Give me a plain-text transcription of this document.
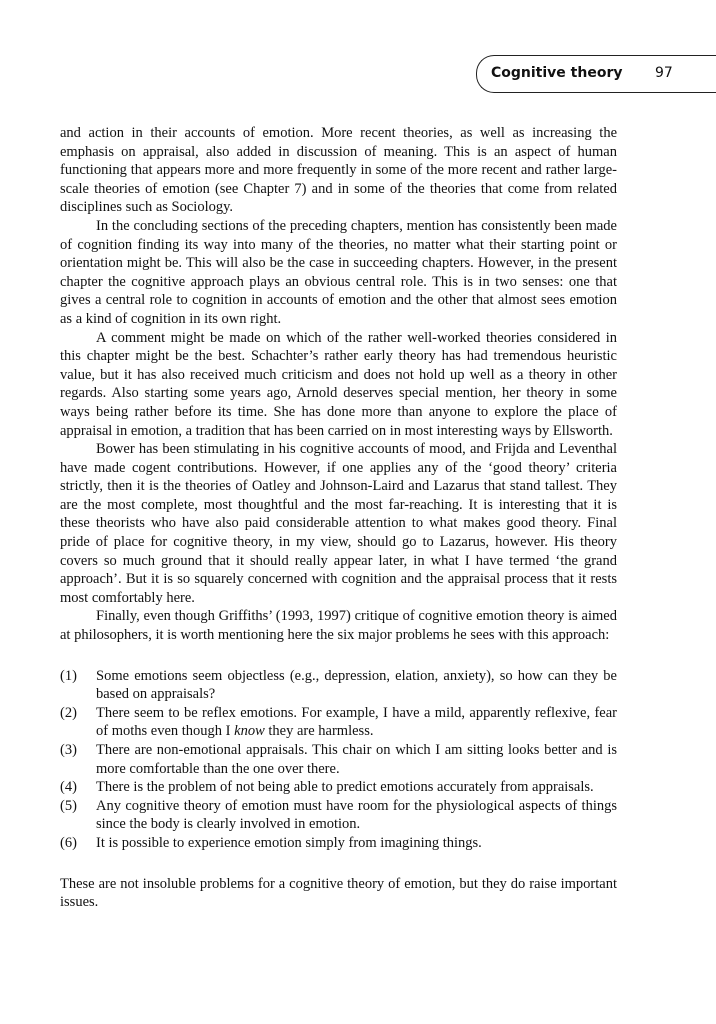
Cognitive theory 97

and action in their accounts of emotion. More recent theories, as well as increasing the emphasis on appraisal, also added in discussion of meaning. This is an aspect of human functioning that appears more and more frequently in some of the more recent and rather large-scale theories of emotion (see Chapter 7) and in some of the theories that come from related disciplines such as Sociology.

In the concluding sections of the preceding chapters, mention has consistently been made of cognition finding its way into many of the theories, no matter what their starting point or orientation might be. This will also be the case in succeeding chapters. However, in the present chapter the cognitive approach plays an obvious central role. This is in two senses: one that gives a central role to cognition in accounts of emotion and the other that almost sees emotion as a kind of cognition in its own right.

A comment might be made on which of the rather well-worked theories considered in this chapter might be the best. Schachter’s rather early theory has had tremendous heuristic value, but it has also received much criticism and does not hold up well as a theory in other regards. Also starting some years ago, Arnold deserves special mention, her theory in some ways being rather before its time. She has done more than anyone to explore the place of appraisal in emotion, a tradition that has been carried on in most interesting ways by Ellsworth.

Bower has been stimulating in his cognitive accounts of mood, and Frijda and Leventhal have made cogent contributions. However, if one applies any of the ‘good theory’ criteria strictly, then it is the theories of Oatley and Johnson-Laird and Lazarus that stand tallest. They are the most complete, most thoughtful and the most far-reaching. It is interesting that it is these theorists who have also paid considerable attention to what makes good theory. Final pride of place for cognitive theory, in my view, should go to Lazarus, however. His theory covers so much ground that it should really appear later, in what I have termed ‘the grand approach’. But it is so squarely concerned with cognition and the appraisal process that it rests most comfortably here.

Finally, even though Griffiths’ (1993, 1997) critique of cognitive emotion theory is aimed at philosophers, it is worth mentioning here the six major problems he sees with this approach:

(1) Some emotions seem objectless (e.g., depression, elation, anxiety), so how can they be based on appraisals?
(2) There seem to be reflex emotions. For example, I have a mild, apparently reflexive, fear of moths even though I know they are harmless.
(3) There are non-emotional appraisals. This chair on which I am sitting looks better and is more comfortable than the one over there.
(4) There is the problem of not being able to predict emotions accurately from appraisals.
(5) Any cognitive theory of emotion must have room for the physiological aspects of things since the body is clearly involved in emotion.
(6) It is possible to experience emotion simply from imagining things.

These are not insoluble problems for a cognitive theory of emotion, but they do raise important issues.
